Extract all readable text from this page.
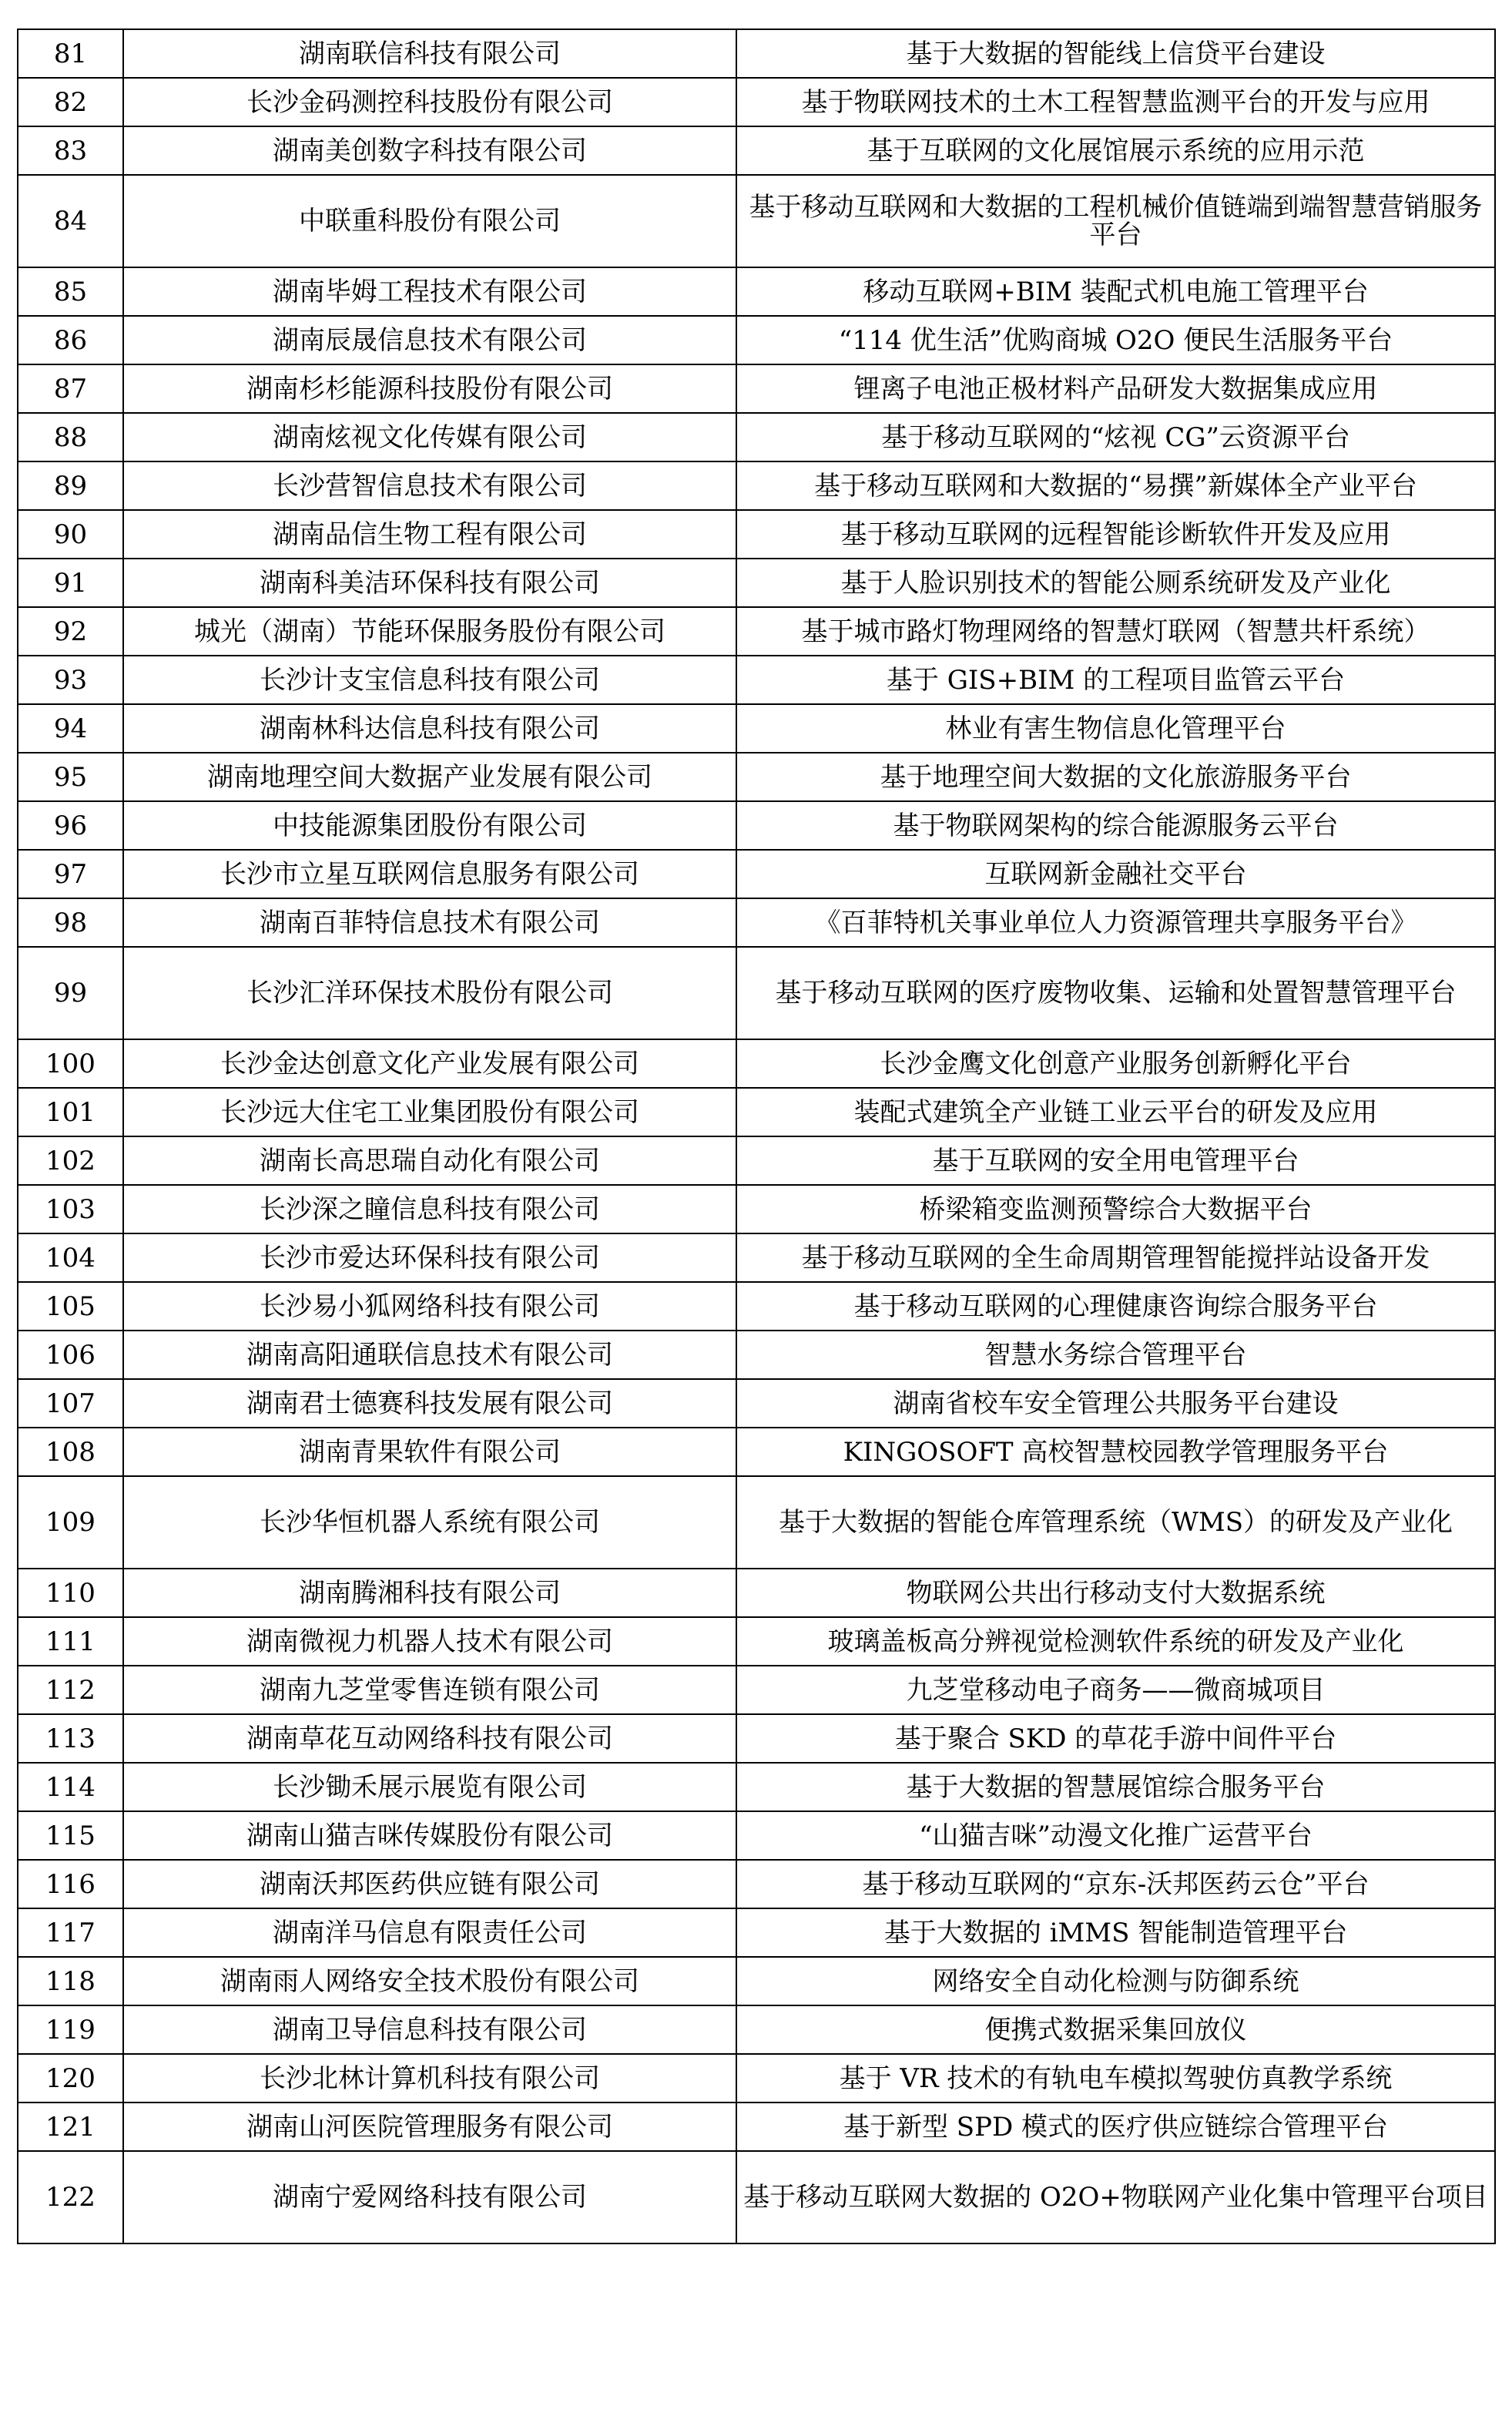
81	湖南联信科技有限公司	基于大数据的智能线上信贷平台建设
82	长沙金码测控科技股份有限公司	基于物联网技术的土木工程智慧监测平台的开发与应用
83	湖南美创数字科技有限公司	基于互联网的文化展馆展示系统的应用示范
84	中联重科股份有限公司	基于移动互联网和大数据的工程机械价值链端到端智慧营销服务平台
85	湖南毕姆工程技术有限公司	移动互联网+BIM 装配式机电施工管理平台
86	湖南辰晟信息技术有限公司	“114 优生活”优购商城 O2O 便民生活服务平台
87	湖南杉杉能源科技股份有限公司	锂离子电池正极材料产品研发大数据集成应用
88	湖南炫视文化传媒有限公司	基于移动互联网的“炫视 CG”云资源平台
89	长沙营智信息技术有限公司	基于移动互联网和大数据的“易撰”新媒体全产业平台
90	湖南品信生物工程有限公司	基于移动互联网的远程智能诊断软件开发及应用
91	湖南科美洁环保科技有限公司	基于人脸识别技术的智能公厕系统研发及产业化
92	城光（湖南）节能环保服务股份有限公司	基于城市路灯物理网络的智慧灯联网（智慧共杆系统）
93	长沙计支宝信息科技有限公司	基于 GIS+BIM 的工程项目监管云平台
94	湖南林科达信息科技有限公司	林业有害生物信息化管理平台
95	湖南地理空间大数据产业发展有限公司	基于地理空间大数据的文化旅游服务平台
96	中技能源集团股份有限公司	基于物联网架构的综合能源服务云平台
97	长沙市立星互联网信息服务有限公司	互联网新金融社交平台
98	湖南百菲特信息技术有限公司	《百菲特机关事业单位人力资源管理共享服务平台》
99	长沙汇洋环保技术股份有限公司	基于移动互联网的医疗废物收集、运输和处置智慧管理平台
100	长沙金达创意文化产业发展有限公司	长沙金鹰文化创意产业服务创新孵化平台
101	长沙远大住宅工业集团股份有限公司	装配式建筑全产业链工业云平台的研发及应用
102	湖南长高思瑞自动化有限公司	基于互联网的安全用电管理平台
103	长沙深之瞳信息科技有限公司	桥梁箱变监测预警综合大数据平台
104	长沙市爱达环保科技有限公司	基于移动互联网的全生命周期管理智能搅拌站设备开发
105	长沙易小狐网络科技有限公司	基于移动互联网的心理健康咨询综合服务平台
106	湖南高阳通联信息技术有限公司	智慧水务综合管理平台
107	湖南君士德赛科技发展有限公司	湖南省校车安全管理公共服务平台建设
108	湖南青果软件有限公司	KINGOSOFT 高校智慧校园教学管理服务平台
109	长沙华恒机器人系统有限公司	基于大数据的智能仓库管理系统（WMS）的研发及产业化
110	湖南腾湘科技有限公司	物联网公共出行移动支付大数据系统
111	湖南微视力机器人技术有限公司	玻璃盖板高分辨视觉检测软件系统的研发及产业化
112	湖南九芝堂零售连锁有限公司	九芝堂移动电子商务——微商城项目
113	湖南草花互动网络科技有限公司	基于聚合 SKD 的草花手游中间件平台
114	长沙锄禾展示展览有限公司	基于大数据的智慧展馆综合服务平台
115	湖南山猫吉咪传媒股份有限公司	“山猫吉咪”动漫文化推广运营平台
116	湖南沃邦医药供应链有限公司	基于移动互联网的“京东-沃邦医药云仓”平台
117	湖南洋马信息有限责任公司	基于大数据的 iMMS 智能制造管理平台
118	湖南雨人网络安全技术股份有限公司	网络安全自动化检测与防御系统
119	湖南卫导信息科技有限公司	便携式数据采集回放仪
120	长沙北林计算机科技有限公司	基于 VR 技术的有轨电车模拟驾驶仿真教学系统
121	湖南山河医院管理服务有限公司	基于新型 SPD 模式的医疗供应链综合管理平台
122	湖南宁爱网络科技有限公司	基于移动互联网大数据的 O2O+物联网产业化集中管理平台项目
